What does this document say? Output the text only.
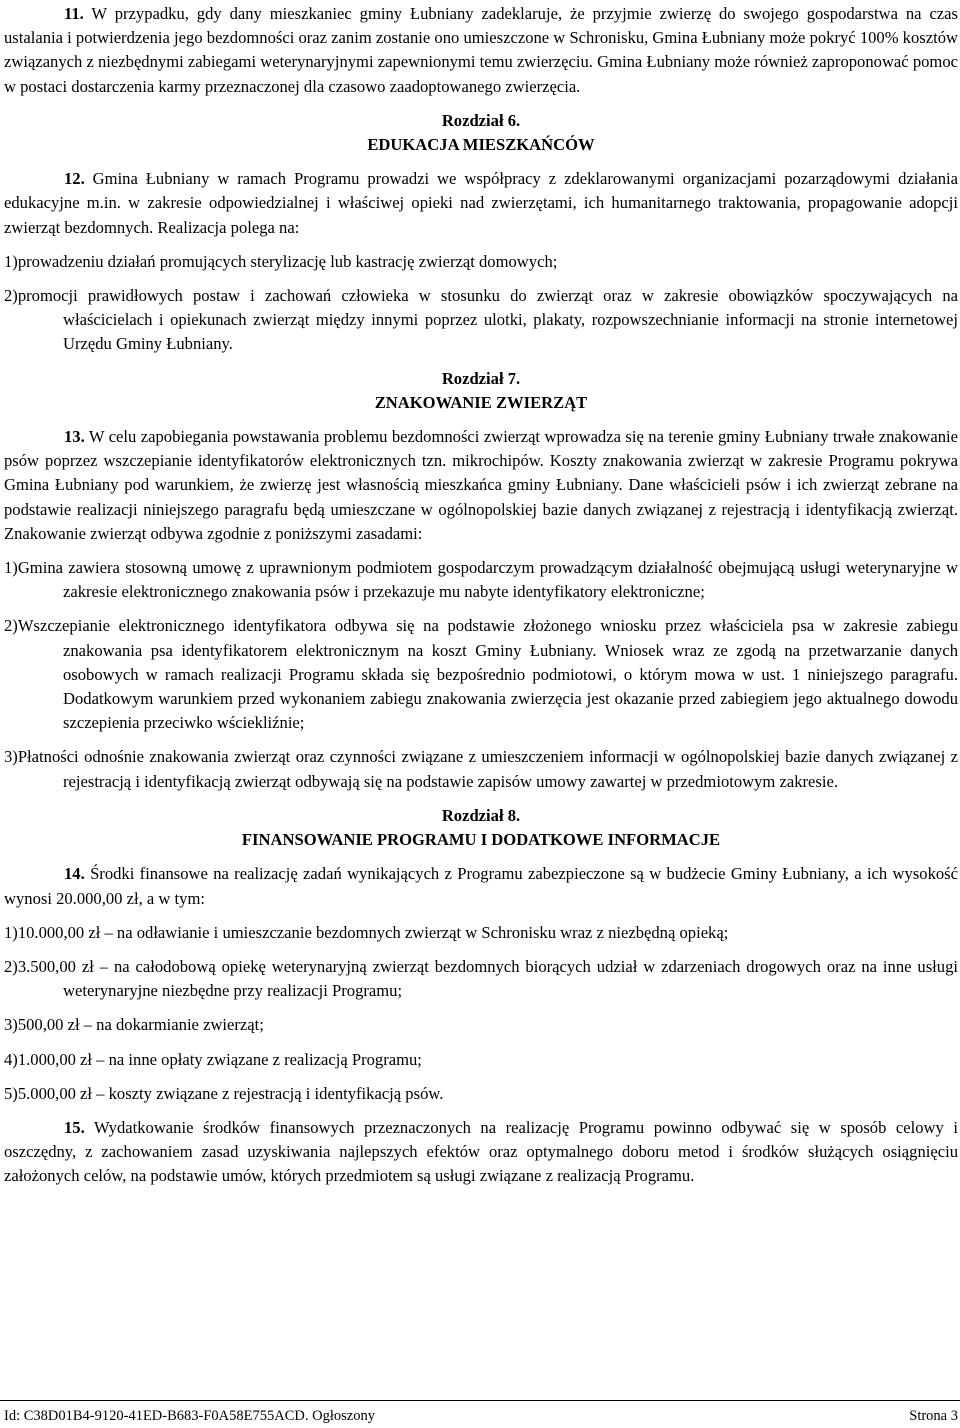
11. W przypadku, gdy dany mieszkaniec gminy Łubniany zadeklaruje, że przyjmie zwierzę do swojego gospodarstwa na czas ustalania i potwierdzenia jego bezdomności oraz zanim zostanie ono umieszczone w Schronisku, Gmina Łubniany może pokryć 100% kosztów związanych z niezbędnymi zabiegami weterynaryjnymi zapewnionymi temu zwierzęciu. Gmina Łubniany może również zaproponować pomoc w postaci dostarczenia karmy przeznaczonej dla czasowo zaadoptowanego zwierzęcia.

Rozdział 6.

EDUKACJA MIESZKAŃCÓW

12. Gmina Łubniany w ramach Programu prowadzi we współpracy z zdeklarowanymi organizacjami pozarządowymi działania edukacyjne m.in. w zakresie odpowiedzialnej i właściwej opieki nad zwierzętami, ich humanitarnego traktowania, propagowanie adopcji zwierząt bezdomnych. Realizacja polega na:

1)prowadzeniu działań promujących sterylizację lub kastrację zwierząt domowych;

2)promocji prawidłowych postaw i zachowań człowieka w stosunku do zwierząt oraz w zakresie obowiązków spoczywających na właścicielach i opiekunach zwierząt między innymi poprzez ulotki, plakaty, rozpowszechnianie informacji na stronie internetowej Urzędu Gminy Łubniany.

Rozdział 7.

ZNAKOWANIE ZWIERZĄT

13. W celu zapobiegania powstawania problemu bezdomności zwierząt wprowadza się na terenie gminy Łubniany trwałe znakowanie psów poprzez wszczepianie identyfikatorów elektronicznych tzn. mikrochipów. Koszty znakowania zwierząt w zakresie Programu pokrywa Gmina Łubniany pod warunkiem, że zwierzę jest własnością mieszkańca gminy Łubniany. Dane właścicieli psów i ich zwierząt zebrane na podstawie realizacji niniejszego paragrafu będą umieszczane w ogólnopolskiej bazie danych związanej z rejestracją i identyfikacją zwierząt. Znakowanie zwierząt odbywa zgodnie z poniższymi zasadami:

1)Gmina zawiera stosowną umowę z uprawnionym podmiotem gospodarczym prowadzącym działalność obejmującą usługi weterynaryjne w zakresie elektronicznego znakowania psów i przekazuje mu nabyte identyfikatory elektroniczne;

2)Wszczepianie elektronicznego identyfikatora odbywa się na podstawie złożonego wniosku przez właściciela psa w zakresie zabiegu znakowania psa identyfikatorem elektronicznym na koszt Gminy Łubniany. Wniosek wraz ze zgodą na przetwarzanie danych osobowych w ramach realizacji Programu składa się bezpośrednio podmiotowi, o którym mowa w ust. 1 niniejszego paragrafu. Dodatkowym warunkiem przed wykonaniem zabiegu znakowania zwierzęcia jest okazanie przed zabiegiem jego aktualnego dowodu szczepienia przeciwko wściekliźnie;

3)Płatności odnośnie znakowania zwierząt oraz czynności związane z umieszczeniem informacji w ogólnopolskiej bazie danych związanej z rejestracją i identyfikacją zwierząt odbywają się na podstawie zapisów umowy zawartej w przedmiotowym zakresie.

Rozdział 8.

FINANSOWANIE PROGRAMU I DODATKOWE INFORMACJE

14. Środki finansowe na realizację zadań wynikających z Programu zabezpieczone są w budżecie Gminy Łubniany, a ich wysokość wynosi 20.000,00 zł, a w tym:

1)10.000,00 zł – na odławianie i umieszczanie bezdomnych zwierząt w Schronisku wraz z niezbędną opieką;

2)3.500,00 zł – na całodobową opiekę weterynaryjną zwierząt bezdomnych biorących udział w zdarzeniach drogowych oraz na inne usługi weterynaryjne niezbędne przy realizacji Programu;

3)500,00 zł – na dokarmianie zwierząt;

4)1.000,00 zł – na inne opłaty związane z realizacją Programu;

5)5.000,00 zł – koszty związane z rejestracją i identyfikacją psów.

15. Wydatkowanie środków finansowych przeznaczonych na realizację Programu powinno odbywać się w sposób celowy i oszczędny, z zachowaniem zasad uzyskiwania najlepszych efektów oraz optymalnego doboru metod i środków służących osiągnięciu założonych celów, na podstawie umów, których przedmiotem są usługi związane z realizacją Programu.

Id: C38D01B4-9120-41ED-B683-F0A58E755ACD. Ogłoszony	Strona 3
